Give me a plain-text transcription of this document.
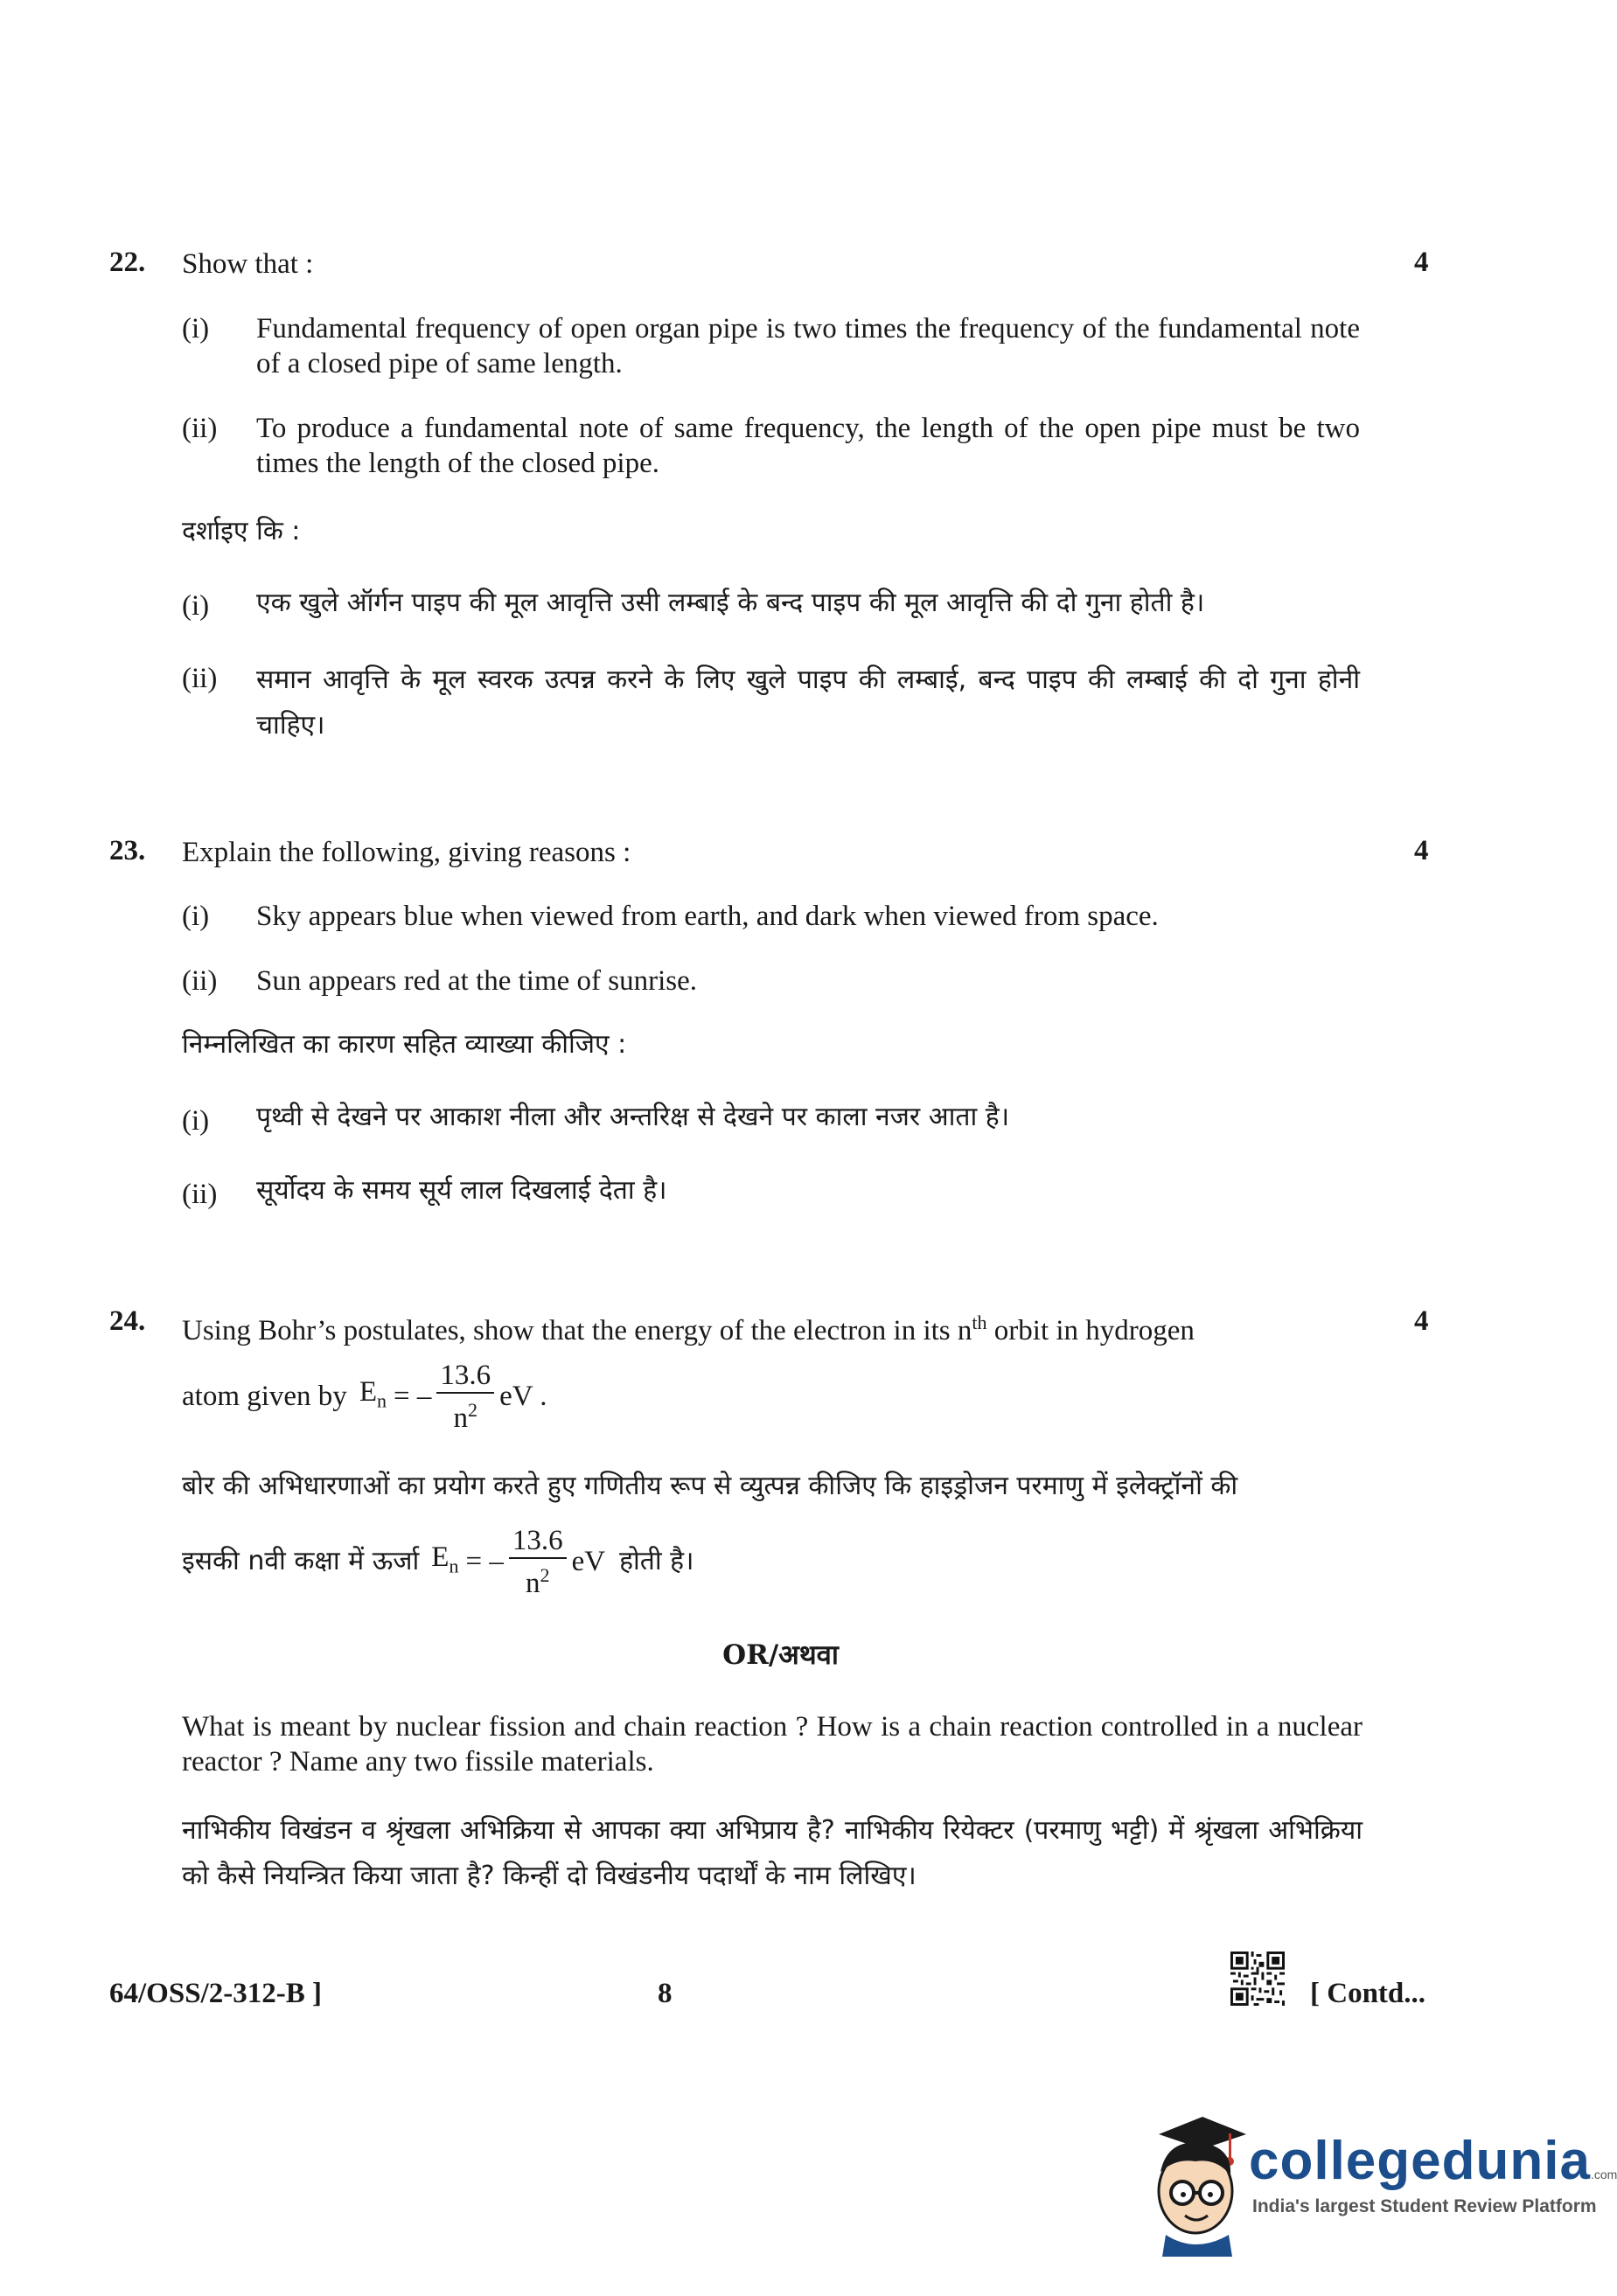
22. Show that :	4
(i) Fundamental frequency of open organ pipe is two times the frequency of the fundamental note of a closed pipe of same length.
(ii) To produce a fundamental note of same frequency, the length of the open pipe must be two times the length of the closed pipe.
दर्शाइए कि :
(i) एक खुले ऑर्गन पाइप की मूल आवृत्ति उसी लम्बाई के बन्द पाइप की मूल आवृत्ति की दो गुना होती है।
(ii) समान आवृत्ति के मूल स्वरक उत्पन्न करने के लिए खुले पाइप की लम्बाई, बन्द पाइप की लम्बाई की दो गुना होनी चाहिए।
23. Explain the following, giving reasons :	4
(i) Sky appears blue when viewed from earth, and dark when viewed from space.
(ii) Sun appears red at the time of sunrise.
निम्नलिखित का कारण सहित व्याख्या कीजिए :
(i) पृथ्वी से देखने पर आकाश नीला और अन्तरिक्ष से देखने पर काला नजर आता है।
(ii) सूर्योदय के समय सूर्य लाल दिखलाई देता है।
24. Using Bohr’s postulates, show that the energy of the electron in its $n^{th}$ orbit in hydrogen	4
atom given by $E_n$ = – $\frac{13.6}{n^2}$ eV .
बोर की अभिधारणाओं का प्रयोग करते हुए गणितीय रूप से व्युत्पन्न कीजिए कि हाइड्रोजन परमाणु में इलेक्ट्रॉनों की
इसकी n वी कक्षा में ऊर्जा $E_n$ = – $\frac{13.6}{n^2}$ eV होती है।
OR/अथवा
What is meant by nuclear fission and chain reaction ? How is a chain reaction controlled in a nuclear reactor ? Name any two fissile materials.
नाभिकीय विखंडन व श्रृंखला अभिक्रिया से आपका क्या अभिप्राय है? नाभिकीय रियेक्टर (परमाणु भट्टी) में श्रृंखला अभिक्रिया को कैसे नियन्त्रित किया जाता है? किन्हीं दो विखंडनीय पदार्थों के नाम लिखिए।
64/OSS/2-312-B ]	8	[ Contd...
collegedunia.com
India's largest Student Review Platform
